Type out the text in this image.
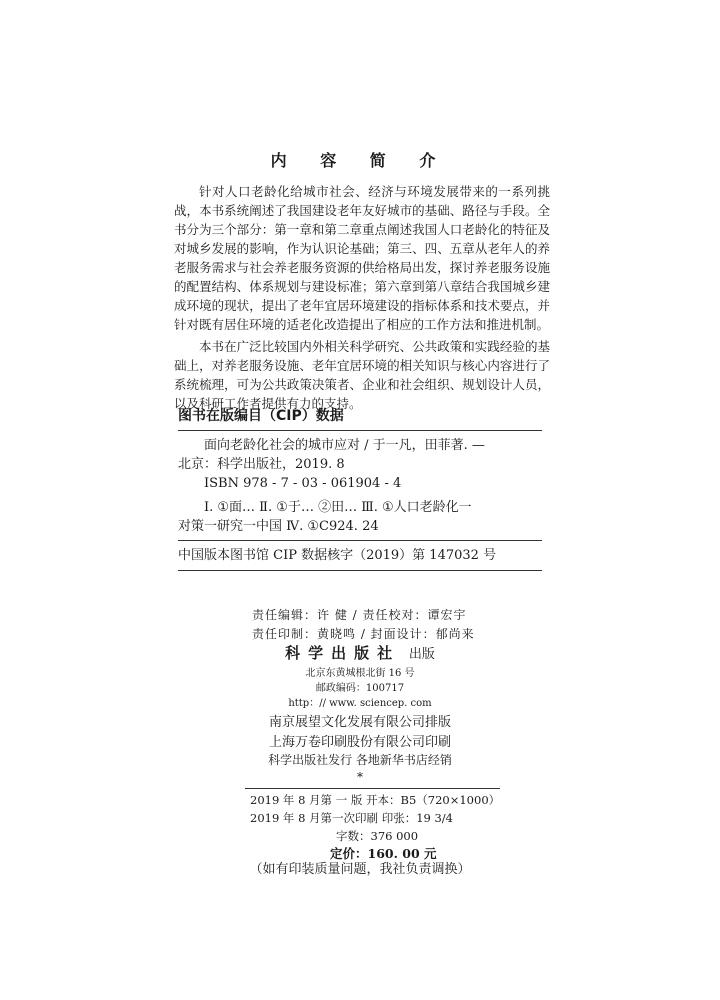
内 容 简 介

针对人口老龄化给城市社会、经济与环境发展带来的一系列挑战，本书系统阐述了我国建设老年友好城市的基础、路径与手段。全书分为三个部分：第一章和第二章重点阐述我国人口老龄化的特征及对城乡发展的影响，作为认识论基础；第三、四、五章从老年人的养老服务需求与社会养老服务资源的供给格局出发，探讨养老服务设施的配置结构、体系规划与建设标准；第六章到第八章结合我国城乡建成环境的现状，提出了老年宜居环境建设的指标体系和技术要点，并针对既有居住环境的适老化改造提出了相应的工作方法和推进机制。

本书在广泛比较国内外相关科学研究、公共政策和实践经验的基础上，对养老服务设施、老年宜居环境的相关知识与核心内容进行了系统梳理，可为公共政策决策者、企业和社会组织、规划设计人员，以及科研工作者提供有力的支持。

图书在版编目（CIP）数据
面向老龄化社会的城市应对 / 于一凡，田菲著. —
北京：科学出版社，2019. 8
ISBN 978 - 7 - 03 - 061904 - 4
Ⅰ. ①面… Ⅱ. ①于… ②田… Ⅲ. ①人口老龄化一
对策一研究一中国 Ⅳ. ①C924. 24
中国版本图书馆 CIP 数据核字（2019）第 147032 号
责任编辑：许 健 / 责任校对：谭宏宇
责任印制：黄晓鸣 / 封面设计：郁尚来
科学出版社 出版
北京东黄城根北街 16 号
邮政编码：100717
http：// www. sciencep. com
南京展望文化发展有限公司排版
上海万卷印刷股份有限公司印刷
科学出版社发行 各地新华书店经销
*
2019 年 8 月第 一 版 开本：B5（720×1000）
2019 年 8 月第一次印刷 印张：19 3/4
字数：376 000
定价：160. 00 元
（如有印装质量问题，我社负责调换）
